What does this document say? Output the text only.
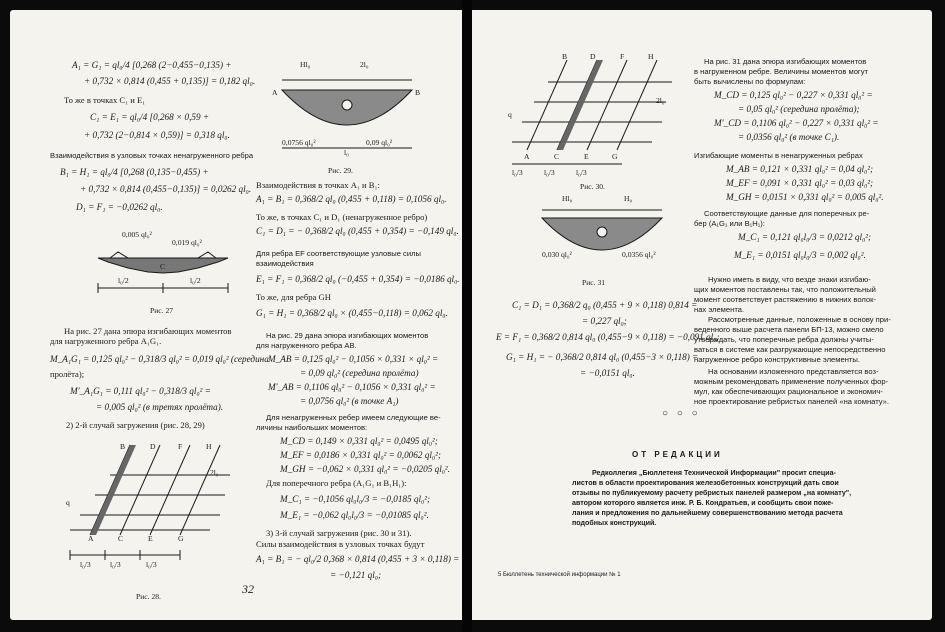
A₁ = G₁ = ql₀/4 [0,268 (2−0,455−0,135) +
+ 0,732 × 0,814 (0,455 + 0,135)] = 0,182 ql₀.
То же в точках C₁ и E₁
C₁ = E₁ = ql₀/4 [0,268 × 0,59 +
+ 0,732 (2−0,814 × 0,59)] = 0,318 ql₀.
Взаимодействия в узловых точках ненагруженного ребра
B₁ = H₁ = ql₀/4 [0,268 (0,135−0,455) +
+ 0,732 × 0,814 (0,455−0,135)] = 0,0262 ql₀.
D₁ = F₁ = −0,0262 ql₀.
0,005 ql₀²
0,019 ql₀²
C
l₀/2	l₀/2
Рис. 27
На рис. 27 дана эпюра изгибающих моментов
для нагруженного ребра A₁G₁.
M_A₁G₁ = 0,125 ql₀² − 0,318/3 ql₀² = 0,019 ql₀² (середина
пролёта);
M′_A₁G₁ = 0,111 ql₀² − 0,318/3 ql₀² =
= 0,005 ql₀² (в третях пролёта).
2) 2-й случай загружения (рис. 28, 29)
B	D	F	H
q
A	C	E	G
2l₀
l₀/3	l₀/3	l₀/3
Рис. 28.
Hl₀	2l₀
A	B
0,0756 ql₀²	0,09 ql₀²
l₀
Рис. 29.
Взаимодействия в точках A₁ и B₁:
A₁ = B₁ = 0,368/2 ql₀ (0,455 + 0,118) = 0,1056 ql₀.
То же, в точках C₁ и D₁ (ненагруженное ребро)
C₁ = D₁ = − 0,368/2 ql₀ (0,455 + 0,354) = −0,149 ql₀.
Для ребра EF соответствующие узловые силы
взаимодействия
E₁ = F₁ = 0,368/2 ql₀ (−0,455 + 0,354) = −0,0186 ql₀.
То же, для ребра GH
G₁ = H₁ = 0,368/2 ql₀ × (0,455−0,118) = 0,062 ql₀.
На рис. 29 дана эпюра изгибающих моментов
для нагруженного ребра AB.
M_AB = 0,125 ql₀² − 0,1056 × 0,331 × ql₀² =
= 0,09 ql₀² (середина пролёта)
M′_AB = 0,1106 ql₀² − 0,1056 × 0,331 ql₀² =
= 0,0756 ql₀² (в точке A₁)
Для ненагруженных ребер имеем следующие ве-
личины наибольших моментов:
M_CD = 0,149 × 0,331 ql₀² = 0,0495 ql₀²;
M_EF = 0,0186 × 0,331 ql₀² = 0,0062 ql₀²;
M_GH = −0,062 × 0,331 ql₀² = −0,0205 ql₀².
Для поперечного ребра (A₁G₁ и B₁H₁):
M_C₁ = −0,1056 ql₀l₀/3 = −0,0185 ql₀²;
M_E₁ = −0,062 ql₀l₀/3 = −0,01085 ql₀².
3) 3-й случай загружения (рис. 30 и 31).
Силы взаимодействия в узловых точках будут
A₁ = B₁ = − ql₀/2 0,368 × 0,814 (0,455 + 3 × 0,118) =
= −0,121 ql₀;
32
B	D	F	H
q
A	C	E	G
l₀/3	l₀/3	l₀/3
2l₀
Рис. 30.
Hl₀	H₀
0,030 ql₀²	0,0356 ql₀²
Рис. 31
C₁ = D₁ = 0,368/2 q₀ (0,455 + 9 × 0,118) 0,814 =
= 0,227 ql₀;
E = F₁ = 0,368/2 0,814 ql₀ (0,455−9 × 0,118) = −0,091 ql₀;
G₁ = H₁ = − 0,368/2 0,814 ql₀ (0,455−3 × 0,118) =
= −0,0151 ql₀.
На рис. 31 дана эпюра изгибающих моментов
в нагруженном ребре. Величины моментов могут
быть вычислены по формулам:
M_CD = 0,125 ql₀² − 0,227 × 0,331 ql₀² =
= 0,05 ql₀² (середина пролёта);
M′_CD = 0,1106 ql₀² − 0,227 × 0,331 ql₀² =
= 0,0356 ql₀² (в точке C₁).
Изгибающие моменты в ненагруженных ребрах
M_AB = 0,121 × 0,331 ql₀² = 0,04 ql₀²;
M_EF = 0,091 × 0,331 ql₀² = 0,03 ql₀²;
M_GH = 0,0151 × 0,331 ql₀² = 0,005 ql₀².
Соответствующие данные для поперечных ре-
бер (A₁G₁ или B₁H₁):
M_C₁ = 0,121 ql₀l₀/3 = 0,0212 ql₀²;
M_E₁ = 0,0151 ql₀l₀/3 = 0,002 ql₀².
Нужно иметь в виду, что везде знаки изгибаю-
щих моментов поставлены так, что положительный
момент соответствует растяжению в нижних волок-
нах элемента.
Рассмотренные данные, положенные в основу при-
веденного выше расчета панели БП-13, можно смело
утверждать, что поперечные ребра должны учиты-
ваться в системе как разгружающие непосредственно
нагруженное ребро конструктивные элементы.
На основании изложенного представляется воз-
можным рекомендовать применение полученных фор-
мул, как обеспечивающих рациональное и экономич-
ное проектирование ребристых панелей «на комнату».
○ ○ ○
ОТ РЕДАКЦИИ
Редколлегия „Бюллетеня Технической Информации" просит специа-
листов в области проектирования железобетонных конструкций дать свои
отзывы по публикуемому расчету ребристых панелей размером „на комнату",
автором которого является инж. Р. Б. Кондратьев, и сообщить свои поже-
лания и предложения по дальнейшему совершенствованию метода расчета
подобных конструкций.
5 Бюллетень технической информации № 1
